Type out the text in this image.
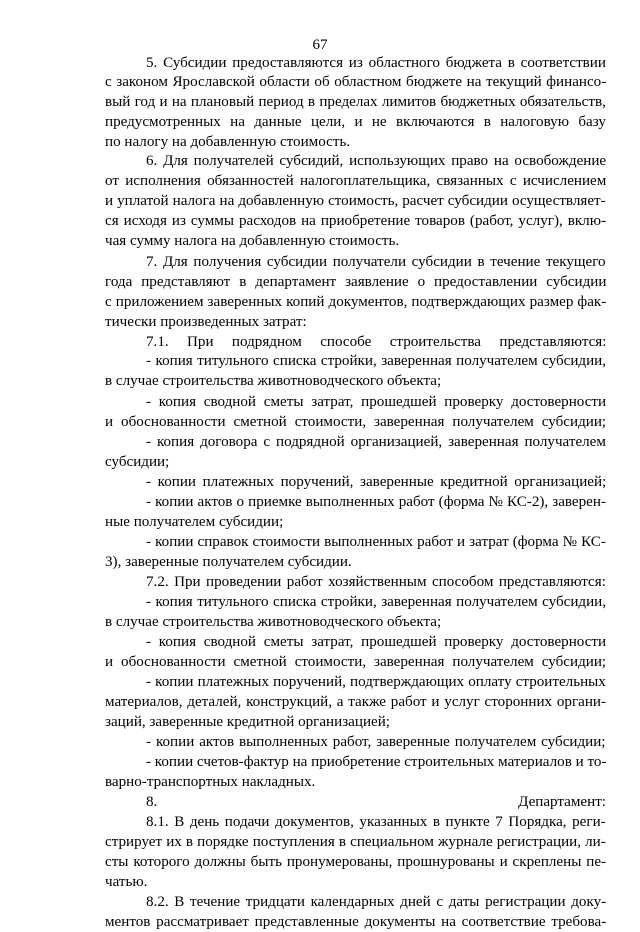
67
5. Субсидии предоставляются из областного бюджета в соответствии
с законом Ярославской области об областном бюджете на текущий финансо-
вый год и на плановый период в пределах лимитов бюджетных обязательств,
предусмотренных на данные цели, и не включаются в налоговую базу
по налогу на добавленную стоимость.
6. Для получателей субсидий, использующих право на освобождение
от исполнения обязанностей налогоплательщика, связанных с исчислением
и уплатой налога на добавленную стоимость, расчет субсидии осуществляет-
ся исходя из суммы расходов на приобретение товаров (работ, услуг), вклю-
чая сумму налога на добавленную стоимость.
7. Для получения субсидии получатели субсидии в течение текущего
года представляют в департамент заявление о предоставлении субсидии
с приложением заверенных копий документов, подтверждающих размер фак-
тически произведенных затрат:
7.1. При подрядном способе строительства представляются:
- копия титульного списка стройки, заверенная получателем субсидии,
в случае строительства животноводческого объекта;
- копия сводной сметы затрат, прошедшей проверку достоверности
и обоснованности сметной стоимости, заверенная получателем субсидии;
- копия договора с подрядной организацией, заверенная получателем
субсидии;
- копии платежных поручений, заверенные кредитной организацией;
- копии актов о приемке выполненных работ (форма № КС-2), заверен-
ные получателем субсидии;
- копии справок стоимости выполненных работ и затрат (форма № КС-
3), заверенные получателем субсидии.
7.2. При проведении работ хозяйственным способом представляются:
- копия титульного списка стройки, заверенная получателем субсидии,
в случае строительства животноводческого объекта;
- копия сводной сметы затрат, прошедшей проверку достоверности
и обоснованности сметной стоимости, заверенная получателем субсидии;
- копии платежных поручений, подтверждающих оплату строительных
материалов, деталей, конструкций, а также работ и услуг сторонних органи-
заций, заверенные кредитной организацией;
- копии актов выполненных работ, заверенные получателем субсидии;
- копии счетов-фактур на приобретение строительных материалов и то-
варно-транспортных накладных.
8. Департамент:
8.1. В день подачи документов, указанных в пункте 7 Порядка, реги-
стрирует их в порядке поступления в специальном журнале регистрации, ли-
сты которого должны быть пронумерованы, прошнурованы и скреплены пе-
чатью.
8.2. В течение тридцати календарных дней с даты регистрации доку-
ментов рассматривает представленные документы на соответствие требова-
